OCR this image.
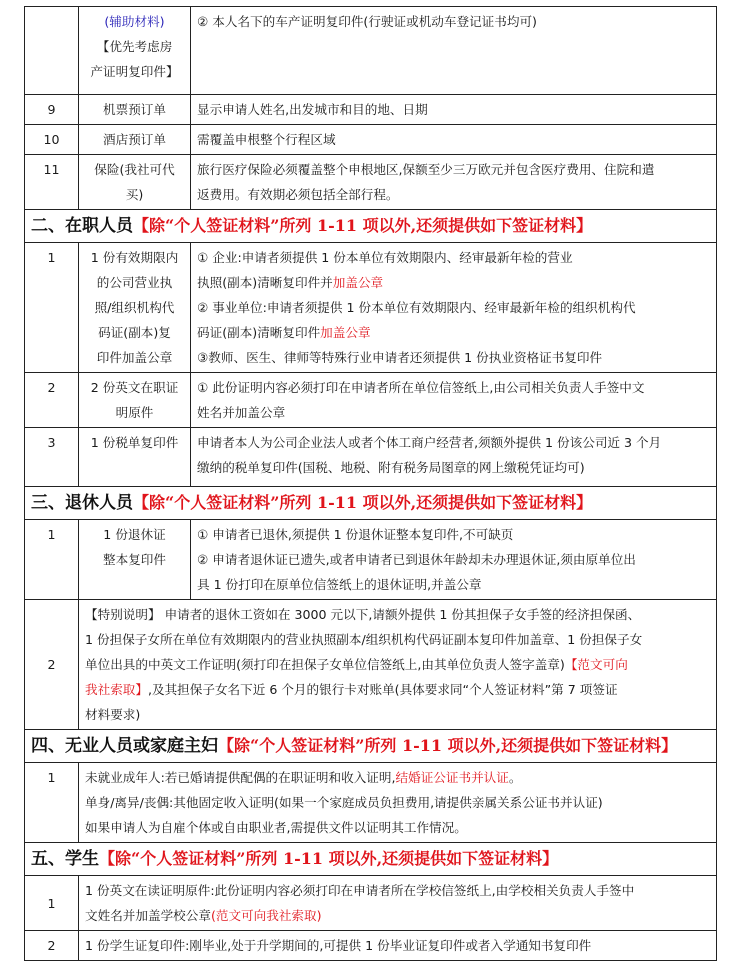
	(辅助材料)
【优先考虑房
产证明复印件】	② 本人名下的车产证明复印件(行驶证或机动车登记证书均可)

9	机票预订单	显示申请人姓名,出发城市和目的地、日期
10	酒店预订单	需覆盖申根整个行程区域
11	保险(我社可代
买)	旅行医疗保险必须覆盖整个申根地区,保额至少三万欧元并包含医疗费用、住院和遣
返费用。有效期必须包括全部行程。

二、在职人员【除“个人签证材料”所列 1-11 项以外,还须提供如下签证材料】		
1	1 份有效期限内
的公司营业执
照/组织机构代
码证(副本)复
印件加盖公章	① 企业:申请者须提供 1 份本单位有效期限内、经审最新年检的营业
执照(副本)清晰复印件并加盖公章
② 事业单位:申请者须提供 1 份本单位有效期限内、经审最新年检的组织机构代
码证(副本)清晰复印件加盖公章
③教师、医生、律师等特殊行业申请者还须提供 1 份执业资格证书复印件

2	2 份英文在职证
明原件	① 此份证明内容必须打印在申请者所在单位信签纸上,由公司相关负责人手签中文
姓名并加盖公章

3	1 份税单复印件	申请者本人为公司企业法人或者个体工商户经营者,须额外提供 1 份该公司近 3 个月
缴纳的税单复印件(国税、地税、附有税务局图章的网上缴税凭证均可)

三、退休人员【除“个人签证材料”所列 1-11 项以外,还须提供如下签证材料】		
1	1 份退休证
整本复印件	① 申请者已退休,须提供 1 份退休证整本复印件,不可缺页
② 申请者退休证已遗失,或者申请者已到退休年龄却未办理退休证,须由原单位出
具 1 份打印在原单位信签纸上的退休证明,并盖公章

2	【特别说明】 申请者的退休工资如在 3000 元以下,请额外提供 1 份其担保子女手签的经济担保函、
1 份担保子女所在单位有效期限内的营业执照副本/组织机构代码证副本复印件加盖章、1 份担保子女
单位出具的中英文工作证明(须打印在担保子女单位信签纸上,由其单位负责人签字盖章)【范文可向
我社索取】,及其担保子女名下近 6 个月的银行卡对账单(具体要求同“个人签证材料”第 7 项签证
材料要求)	

四、无业人员或家庭主妇【除“个人签证材料”所列 1-11 项以外,还须提供如下签证材料】		
1	未就业成年人:若已婚请提供配偶的在职证明和收入证明,结婚证公证书并认证。
单身/离异/丧偶:其他固定收入证明(如果一个家庭成员负担费用,请提供亲属关系公证书并认证)
如果申请人为自雇个体或自由职业者,需提供文件以证明其工作情况。	

五、学生【除“个人签证材料”所列 1-11 项以外,还须提供如下签证材料】		
1	1 份英文在读证明原件:此份证明内容必须打印在申请者所在学校信签纸上,由学校相关负责人手签中
文姓名并加盖学校公章(范文可向我社索取)	

2	1 份学生证复印件:刚毕业,处于升学期间的,可提供 1 份毕业证复印件或者入学通知书复印件	
